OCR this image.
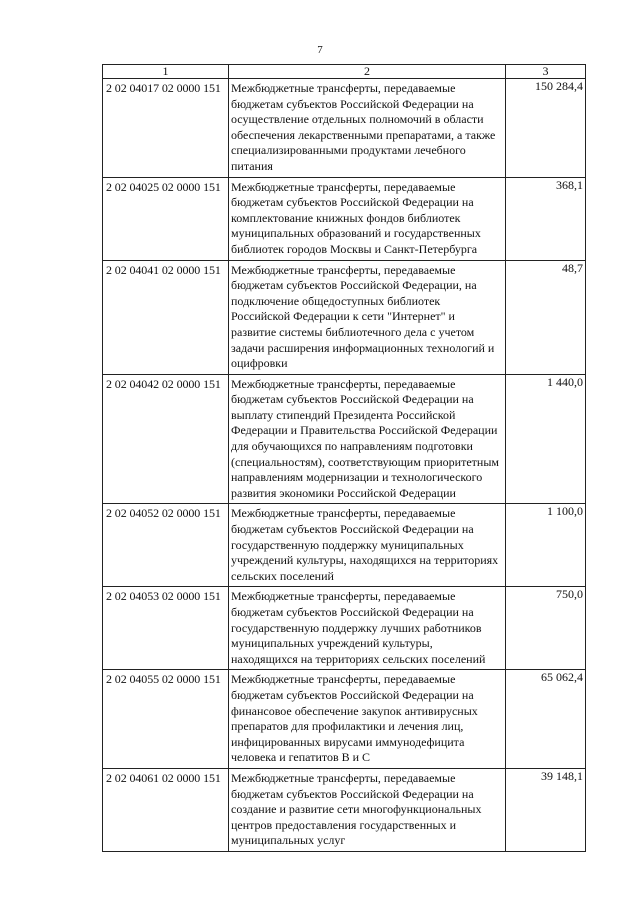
7
1	2	3
2 02 04017 02 0000 151	Межбюджетные трансферты, передаваемые бюджетам субъектов Российской Федерации на осуществление отдельных полномочий в области обеспечения лекарственными препаратами, а также специализированными продуктами лечебного питания	150 284,4
2 02 04025 02 0000 151	Межбюджетные трансферты, передаваемые бюджетам субъектов Российской Федерации на комплектование книжных фондов библиотек муниципальных образований и государственных библиотек городов Москвы и Санкт-Петербурга	368,1
2 02 04041 02 0000 151	Межбюджетные трансферты, передаваемые бюджетам субъектов Российской Федерации, на подключение общедоступных библиотек Российской Федерации к сети "Интернет" и развитие системы библиотечного дела с учетом задачи расширения информационных технологий и оцифровки	48,7
2 02 04042 02 0000 151	Межбюджетные трансферты, передаваемые бюджетам субъектов Российской Федерации на выплату стипендий Президента Российской Федерации и Правительства Российской Федерации для обучающихся по направлениям подготовки (специальностям), соответствующим приоритетным направлениям модернизации и технологического развития экономики Российской Федерации	1 440,0
2 02 04052 02 0000 151	Межбюджетные трансферты, передаваемые бюджетам субъектов Российской Федерации на государственную поддержку муниципальных учреждений культуры, находящихся на территориях сельских поселений	1 100,0
2 02 04053 02 0000 151	Межбюджетные трансферты, передаваемые бюджетам субъектов Российской Федерации на государственную поддержку лучших работников муниципальных учреждений культуры, находящихся на территориях сельских поселений	750,0
2 02 04055 02 0000 151	Межбюджетные трансферты, передаваемые бюджетам субъектов Российской Федерации на финансовое обеспечение закупок антивирусных препаратов для профилактики и лечения лиц, инфицированных вирусами иммунодефицита человека и гепатитов В и С	65 062,4
2 02 04061 02 0000 151	Межбюджетные трансферты, передаваемые бюджетам субъектов Российской Федерации на создание и развитие сети многофункциональных центров предоставления государственных и муниципальных услуг	39 148,1
